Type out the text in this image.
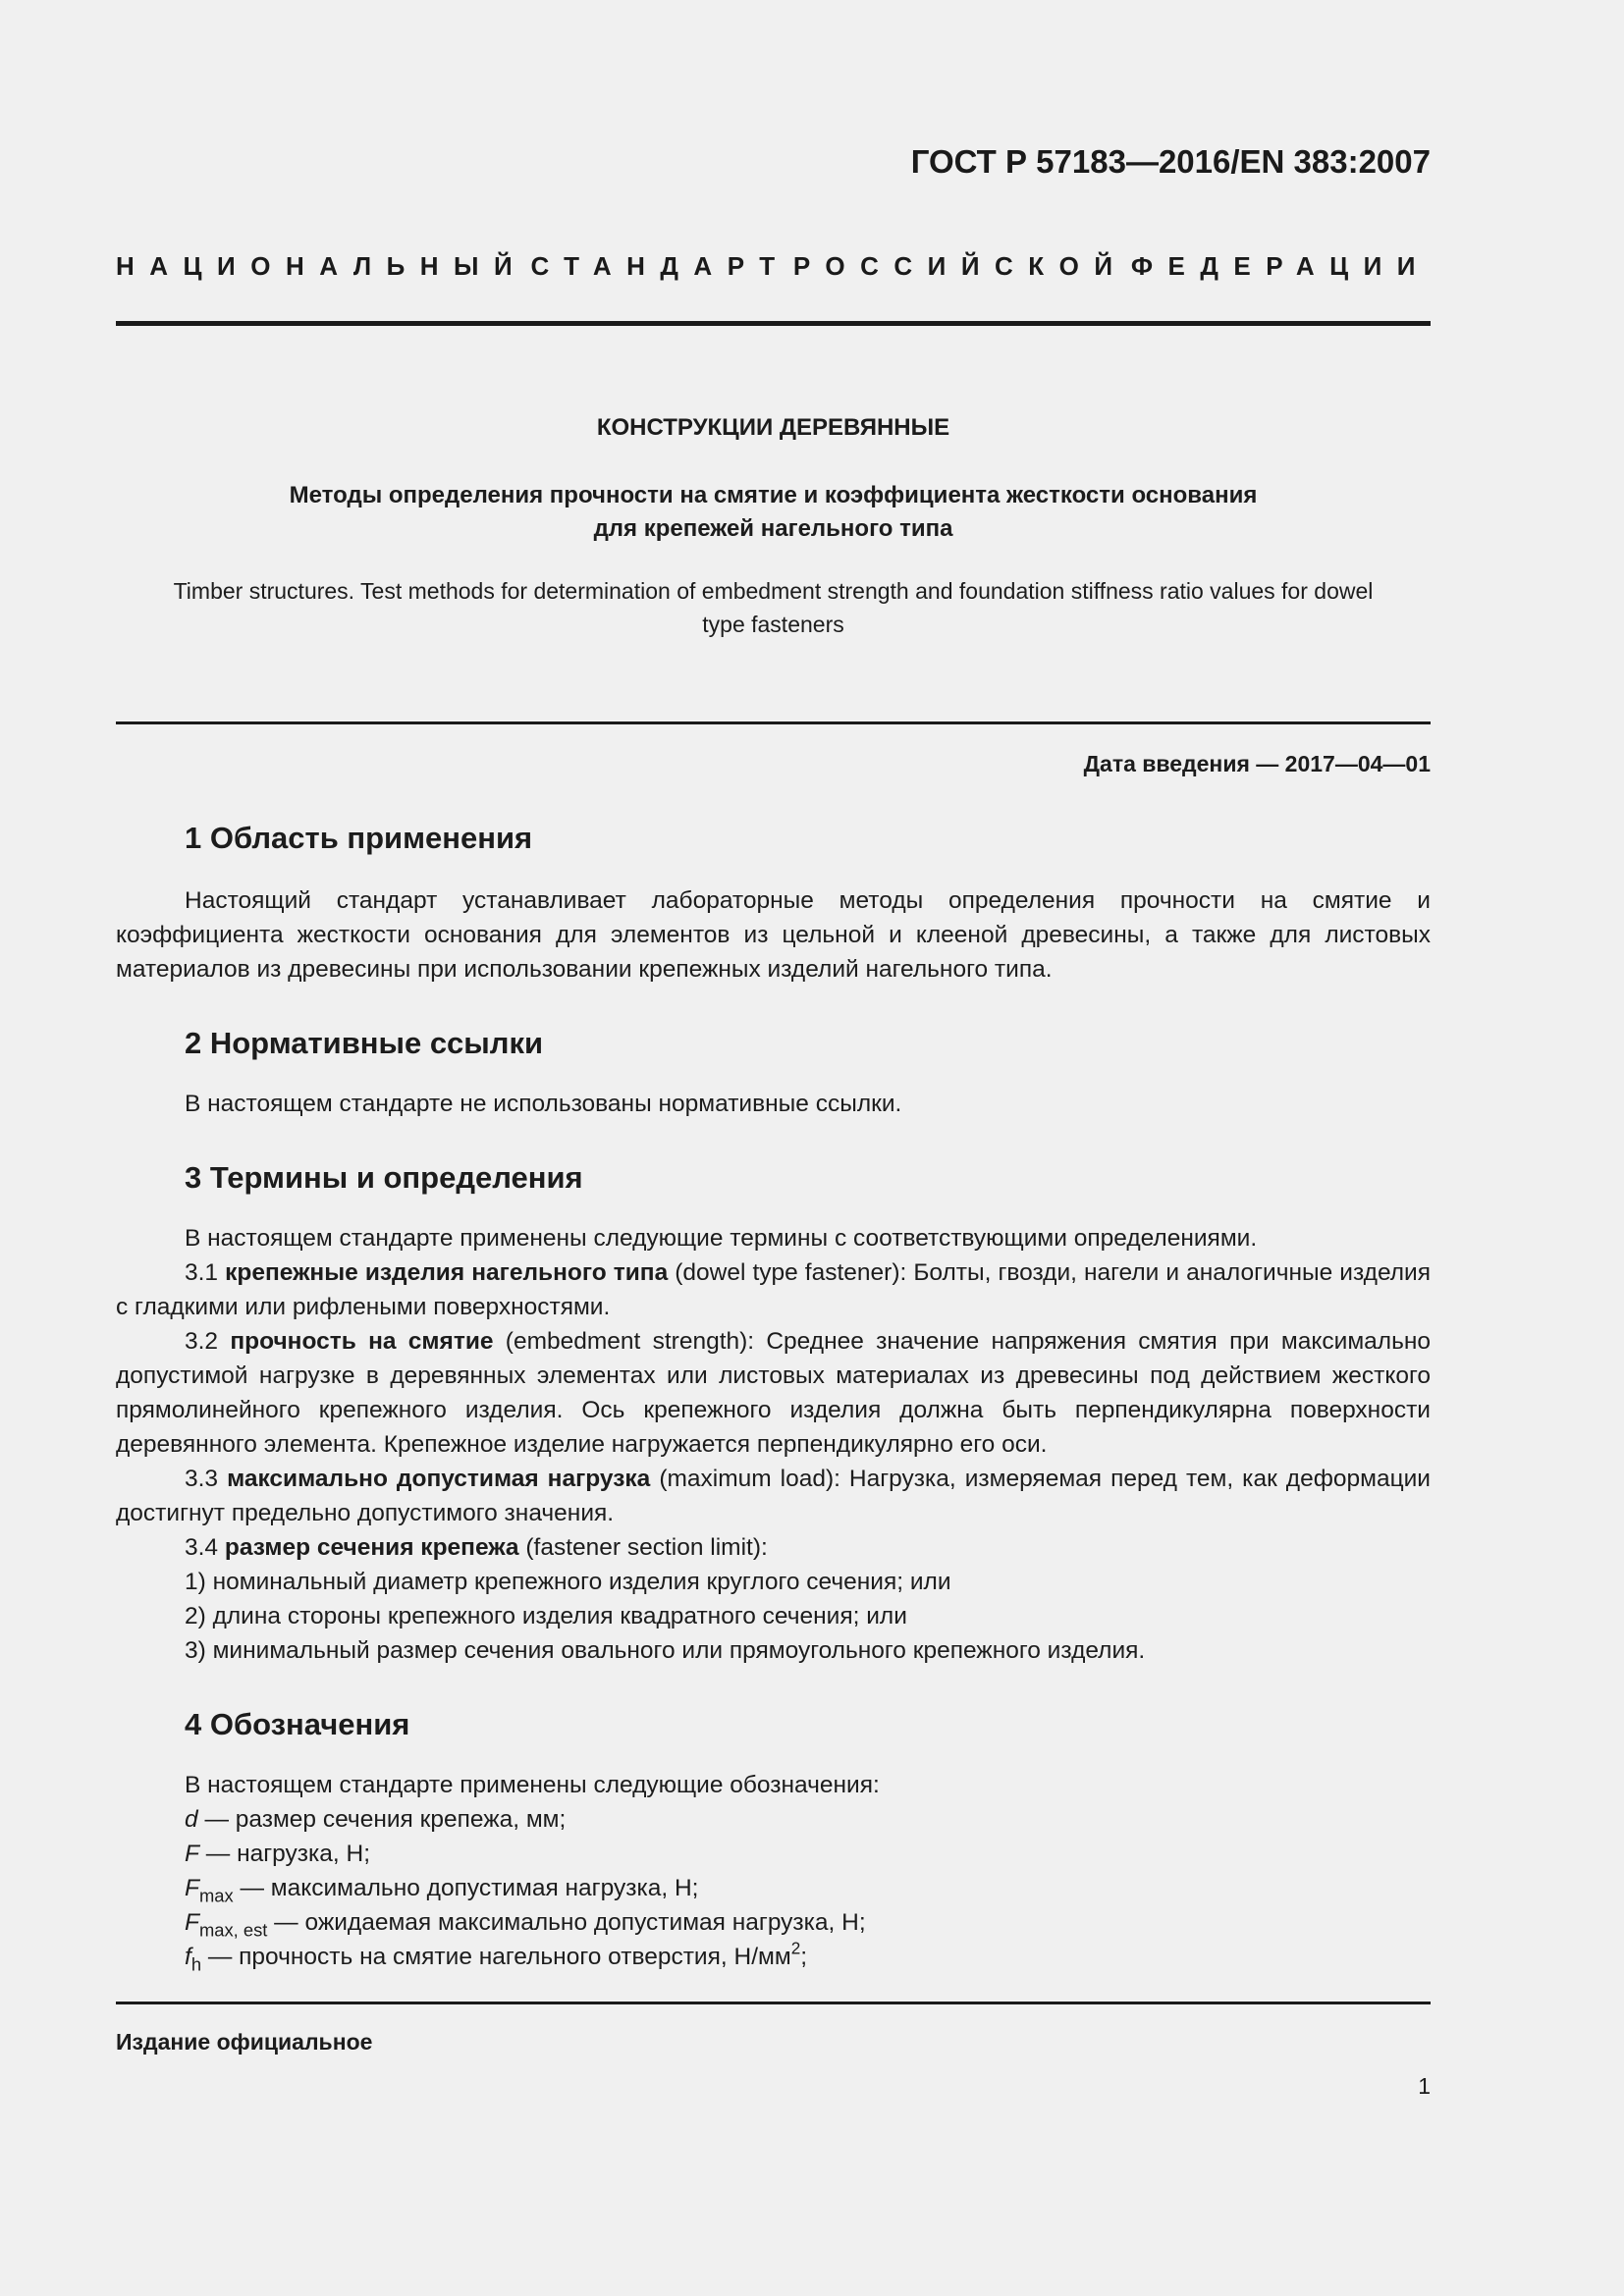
ГОСТ Р 57183—2016/EN 383:2007
НАЦИОНАЛЬНЫЙ СТАНДАРТ РОССИЙСКОЙ ФЕДЕРАЦИИ
КОНСТРУКЦИИ ДЕРЕВЯННЫЕ
Методы определения прочности на смятие и коэффициента жесткости основания
для крепежей нагельного типа
Timber structures. Test methods for determination of embedment strength and foundation stiffness ratio values for dowel
type fasteners
Дата введения — 2017—04—01
1 Область применения

Настоящий стандарт устанавливает лабораторные методы определения прочности на смятие и коэффициента жесткости основания для элементов из цельной и клееной древесины, а также для листовых материалов из древесины при использовании крепежных изделий нагельного типа.

2 Нормативные ссылки

В настоящем стандарте не использованы нормативные ссылки.

3 Термины и определения

В настоящем стандарте применены следующие термины с соответствующими определениями.

3.1 крепежные изделия нагельного типа (dowel type fastener): Болты, гвозди, нагели и аналогичные изделия с гладкими или рифлеными поверхностями.

3.2 прочность на смятие (embedment strength): Среднее значение напряжения смятия при максимально допустимой нагрузке в деревянных элементах или листовых материалах из древесины под действием жесткого прямолинейного крепежного изделия. Ось крепежного изделия должна быть перпендикулярна поверхности деревянного элемента. Крепежное изделие нагружается перпендикулярно его оси.

3.3 максимально допустимая нагрузка (maximum load): Нагрузка, измеряемая перед тем, как деформации достигнут предельно допустимого значения.

3.4 размер сечения крепежа (fastener section limit):

1) номинальный диаметр крепежного изделия круглого сечения; или

2) длина стороны крепежного изделия квадратного сечения; или

3) минимальный размер сечения овального или прямоугольного крепежного изделия.

4 Обозначения

В настоящем стандарте применены следующие обозначения:

d — размер сечения крепежа, мм;

F — нагрузка, Н;

$F_{max}$ — максимально допустимая нагрузка, Н;

$F_{max, est}$ — ожидаемая максимально допустимая нагрузка, Н;

$f_h$ — прочность на смятие нагельного отверстия, $Н/мм^2$;

Издание официальное
1
